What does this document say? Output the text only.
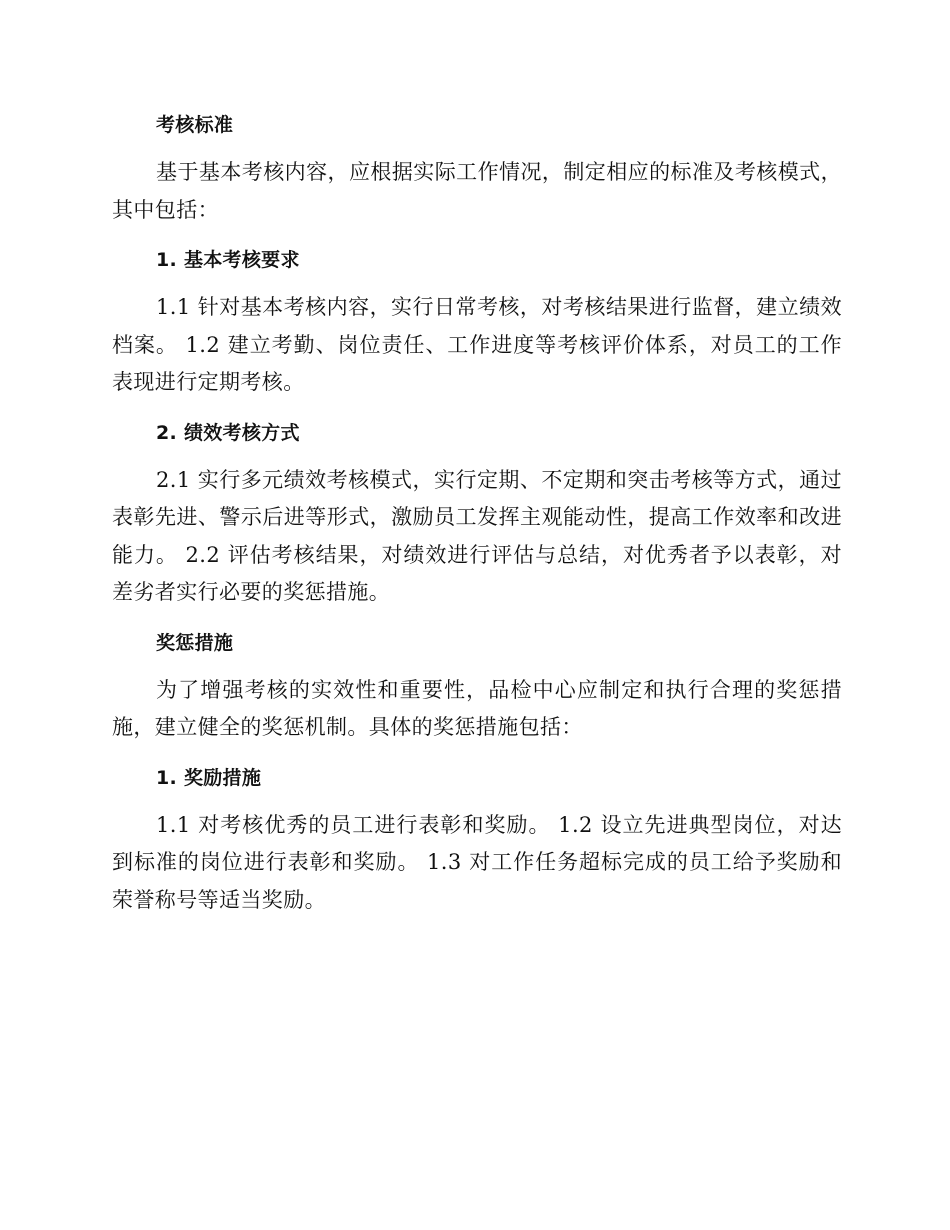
考核标准

基于基本考核内容，应根据实际工作情况，制定相应的标准及考核模式，其中包括：

1. 基本考核要求

1.1 针对基本考核内容，实行日常考核，对考核结果进行监督，建立绩效档案。 1.2 建立考勤、岗位责任、工作进度等考核评价体系，对员工的工作表现进行定期考核。

2. 绩效考核方式

2.1 实行多元绩效考核模式，实行定期、不定期和突击考核等方式，通过表彰先进、警示后进等形式，激励员工发挥主观能动性，提高工作效率和改进能力。 2.2 评估考核结果，对绩效进行评估与总结，对优秀者予以表彰，对差劣者实行必要的奖惩措施。

奖惩措施

为了增强考核的实效性和重要性，品检中心应制定和执行合理的奖惩措施，建立健全的奖惩机制。具体的奖惩措施包括：

1. 奖励措施

1.1 对考核优秀的员工进行表彰和奖励。 1.2 设立先进典型岗位，对达到标准的岗位进行表彰和奖励。 1.3 对工作任务超标完成的员工给予奖励和荣誉称号等适当奖励。
